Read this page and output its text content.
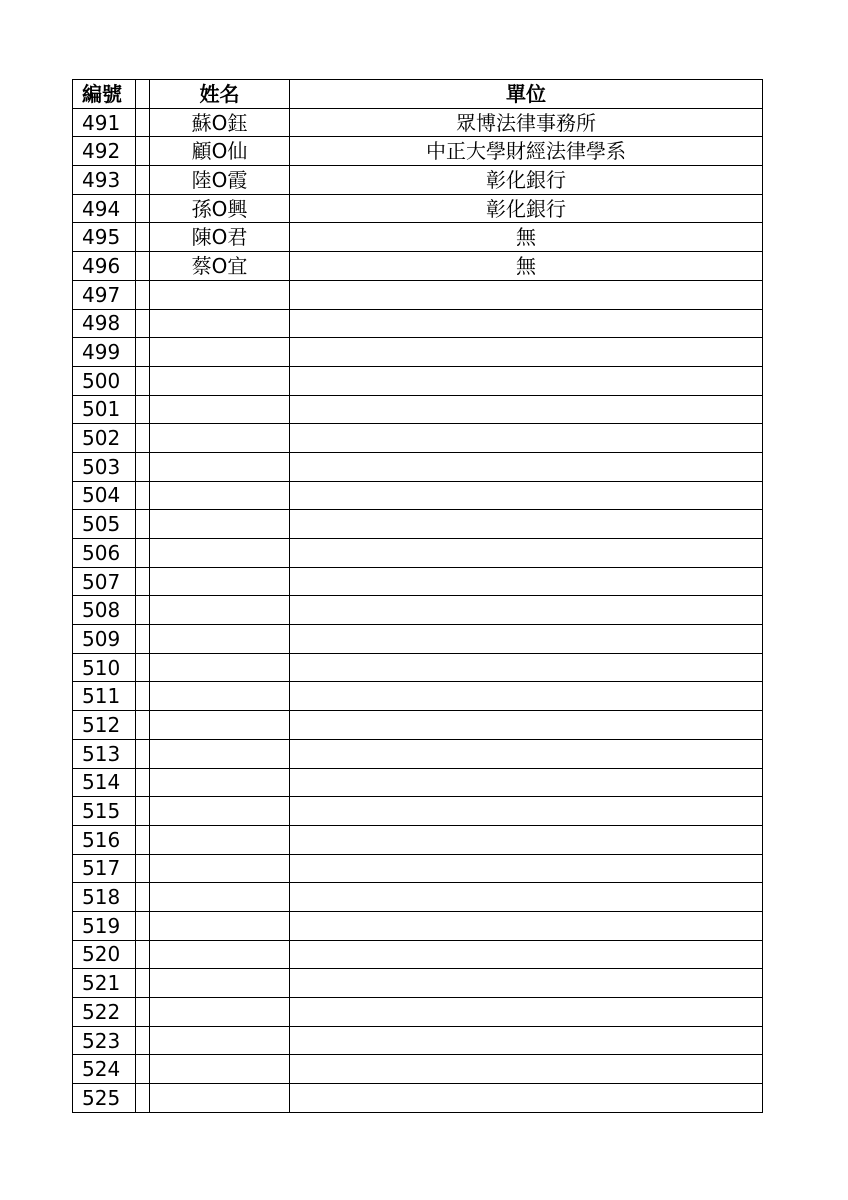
編號		姓名	單位
491		蘇O鈺	眾博法律事務所
492		顧O仙	中正大學財經法律學系
493		陸O霞	彰化銀行
494		孫O興	彰化銀行
495		陳O君	無
496		蔡O宜	無
497			
498			
499			
500			
501			
502			
503			
504			
505			
506			
507			
508			
509			
510			
511			
512			
513			
514			
515			
516			
517			
518			
519			
520			
521			
522			
523			
524			
525			
